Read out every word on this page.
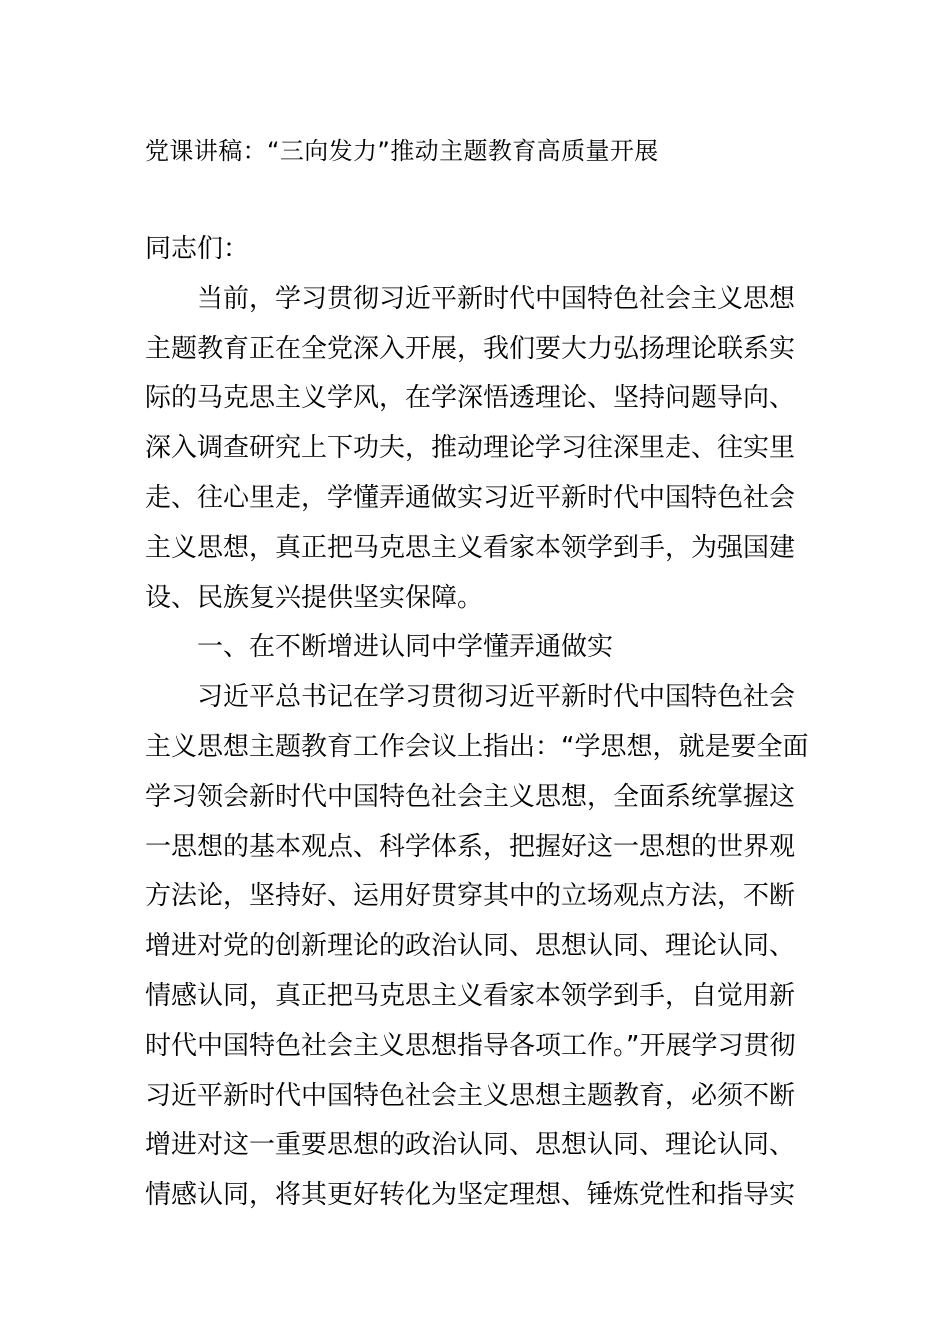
党课讲稿：“三向发力”推动主题教育高质量开展
同志们：
当前，学习贯彻习近平新时代中国特色社会主义思想
主题教育正在全党深入开展，我们要大力弘扬理论联系实
际的马克思主义学风，在学深悟透理论、坚持问题导向、
深入调查研究上下功夫，推动理论学习往深里走、往实里
走、往心里走，学懂弄通做实习近平新时代中国特色社会
主义思想，真正把马克思主义看家本领学到手，为强国建
设、民族复兴提供坚实保障。
一、在不断增进认同中学懂弄通做实
习近平总书记在学习贯彻习近平新时代中国特色社会
主义思想主题教育工作会议上指出：“学思想，就是要全面
学习领会新时代中国特色社会主义思想，全面系统掌握这
一思想的基本观点、科学体系，把握好这一思想的世界观
方法论，坚持好、运用好贯穿其中的立场观点方法，不断
增进对党的创新理论的政治认同、思想认同、理论认同、
情感认同，真正把马克思主义看家本领学到手，自觉用新
时代中国特色社会主义思想指导各项工作。”开展学习贯彻
习近平新时代中国特色社会主义思想主题教育，必须不断
增进对这一重要思想的政治认同、思想认同、理论认同、
情感认同，将其更好转化为坚定理想、锤炼党性和指导实
